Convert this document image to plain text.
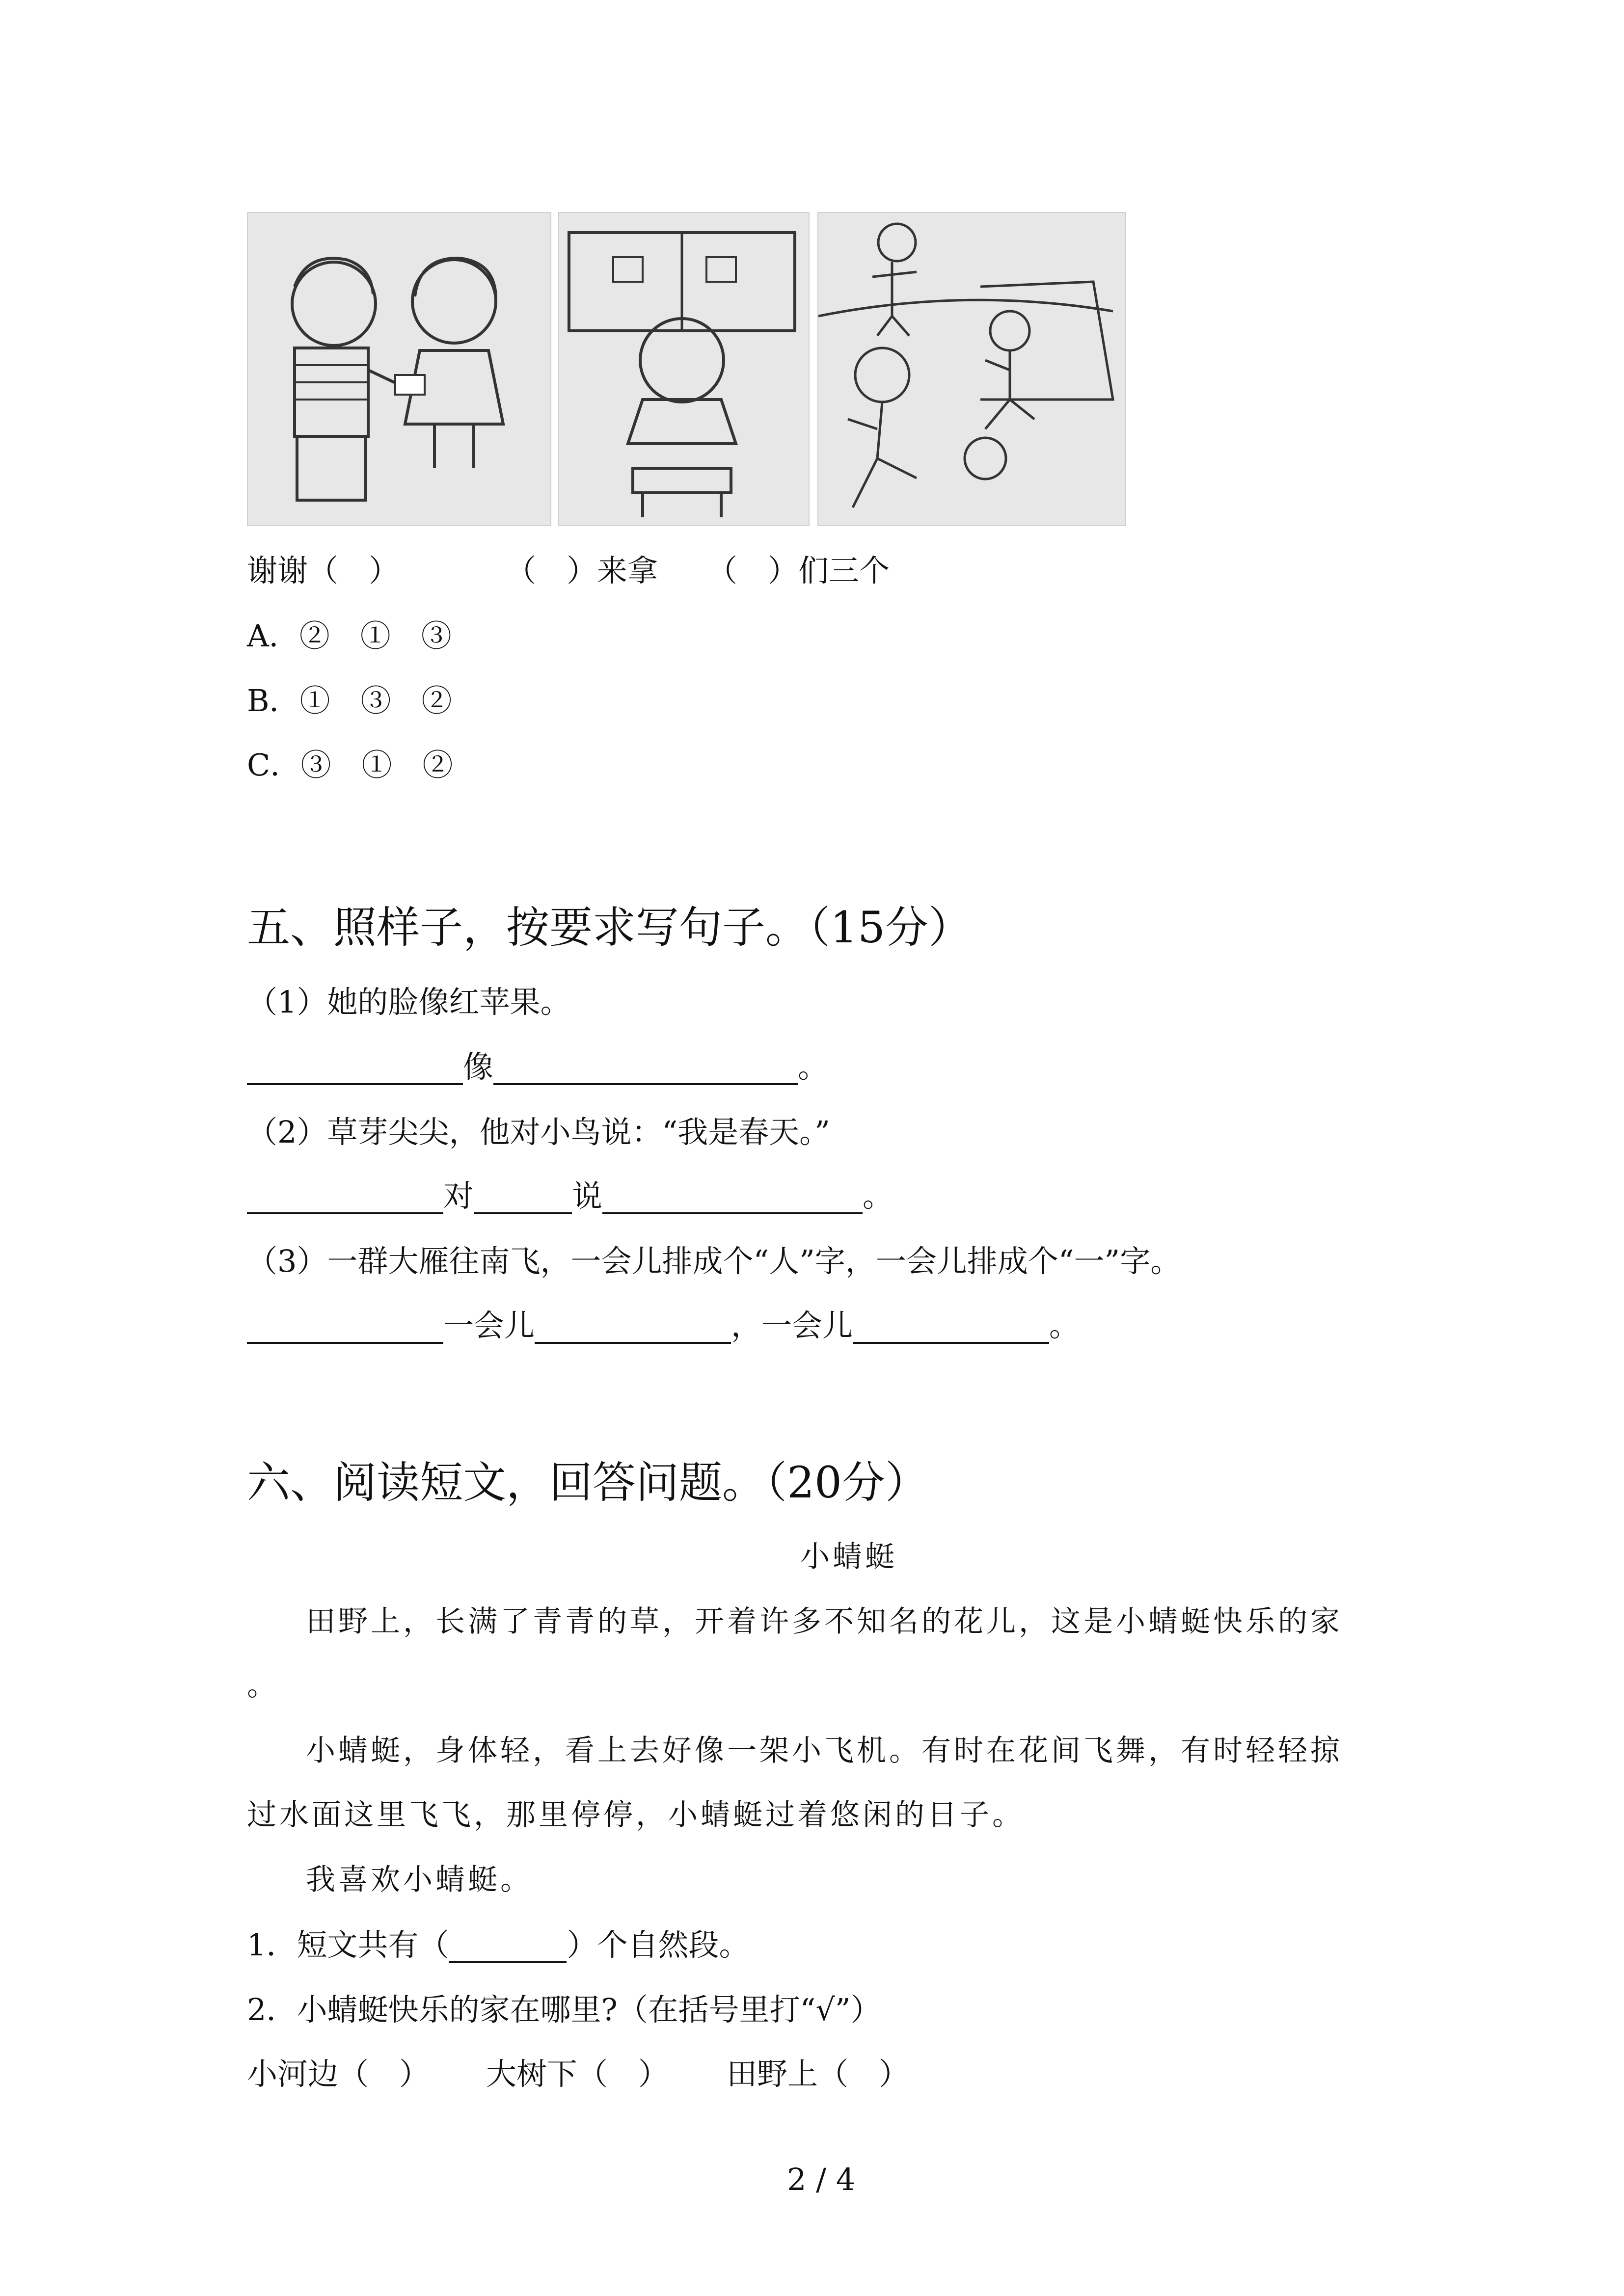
谢谢（　）	（　）来拿 （　）们三个
A．②　①　③
B．①　③　②
C．③　①　②
五、照样子，按要求写句子。（15分）
（1）她的脸像红苹果。
像	。
（2）草芽尖尖，他对小鸟说：“我是春天。”
对	说	。
（3）一群大雁往南飞，一会儿排成个“人”字，一会儿排成个“一”字。
一会儿	，一会儿	。
六、阅读短文，回答问题。（20分）
小蜻蜓
田野上，长满了青青的草，开着许多不知名的花儿，这是小蜻蜓快乐的家
。
小蜻蜓，身体轻，看上去好像一架小飞机。有时在花间飞舞，有时轻轻掠
过水面这里飞飞，那里停停，小蜻蜓过着悠闲的日子。
我喜欢小蜻蜓。
1．短文共有（	）个自然段。
2．小蜻蜓快乐的家在哪里?（在括号里打“√”）
小河边（　） 大树下（　） 田野上（　）
2 / 4
